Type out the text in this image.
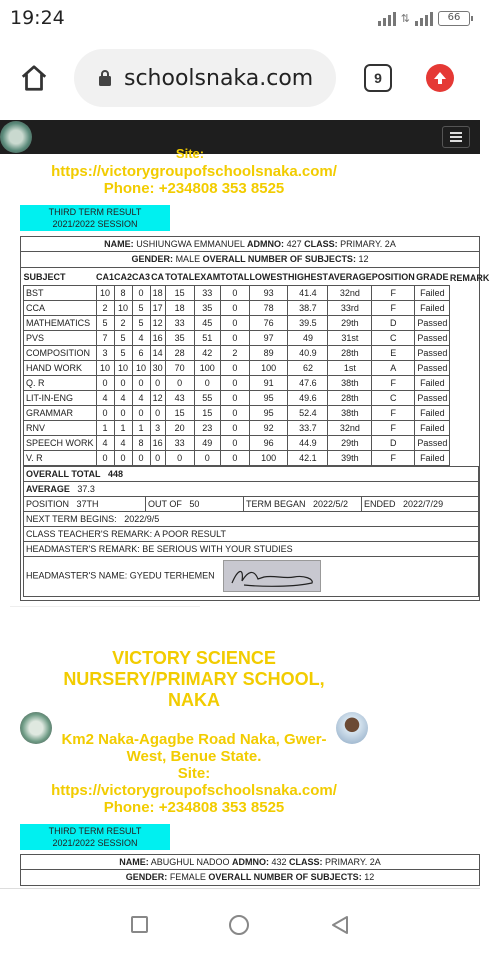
19:24	⇅	66
schoolsnaka.com	9
Site:
https://victorygroupofschoolsnaka.com/
Phone: +234808 353 8525
THIRD TERM RESULT
2021/2022 SESSION
NAME: USHIUNGWA EMMANUEL ADMNO: 427 CLASS: PRIMARY. 2A
GENDER: MALE OVERALL NUMBER OF SUBJECTS: 12
SUBJECT	CA1	CA2	CA3	CA	TOTAL	EXAM	TOTAL	LOWEST	HIGHEST	AVERAGE	POSITION	GRADE	REMARK
BST	10	8	0	18	15	33	0	93	41.4	32nd	F	Failed	
CCA	2	10	5	17	18	35	0	78	38.7	33rd	F	Failed	
MATHEMATICS	5	2	5	12	33	45	0	76	39.5	29th	D	Passed	
PVS	7	5	4	16	35	51	0	97	49	31st	C	Passed	
COMPOSITION	3	5	6	14	28	42	2	89	40.9	28th	E	Passed	
HAND WORK	10	10	10	30	70	100	0	100	62	1st	A	Passed	
Q. R	0	0	0	0	0	0	0	91	47.6	38th	F	Failed	
LIT-IN-ENG	4	4	4	12	43	55	0	95	49.6	28th	C	Passed	
GRAMMAR	0	0	0	0	15	15	0	95	52.4	38th	F	Failed	
RNV	1	1	1	3	20	23	0	92	33.7	32nd	F	Failed	
SPEECH WORK	4	4	8	16	33	49	0	96	44.9	29th	D	Passed	
V. R	0	0	0	0	0	0	0	100	42.1	39th	F	Failed	
OVERALL TOTAL 448
AVERAGE 37.3
POSITION 37TH	OUT OF 50	TERM BEGAN 2022/5/2	ENDED 2022/7/29
NEXT TERM BEGINS: 2022/9/5
CLASS TEACHER'S REMARK: A POOR RESULT
HEADMASTER'S REMARK: BE SERIOUS WITH YOUR STUDIES
HEADMASTER'S NAME: GYEDU TERHEMEN
VICTORY SCIENCE
NURSERY/PRIMARY SCHOOL,
NAKA
Km2 Naka-Agagbe Road Naka, Gwer-
West, Benue State.
Site:
https://victorygroupofschoolsnaka.com/
Phone: +234808 353 8525
THIRD TERM RESULT
2021/2022 SESSION
NAME: ABUGHUL NADOO ADMNO: 432 CLASS: PRIMARY. 2A
GENDER: FEMALE OVERALL NUMBER OF SUBJECTS: 12
